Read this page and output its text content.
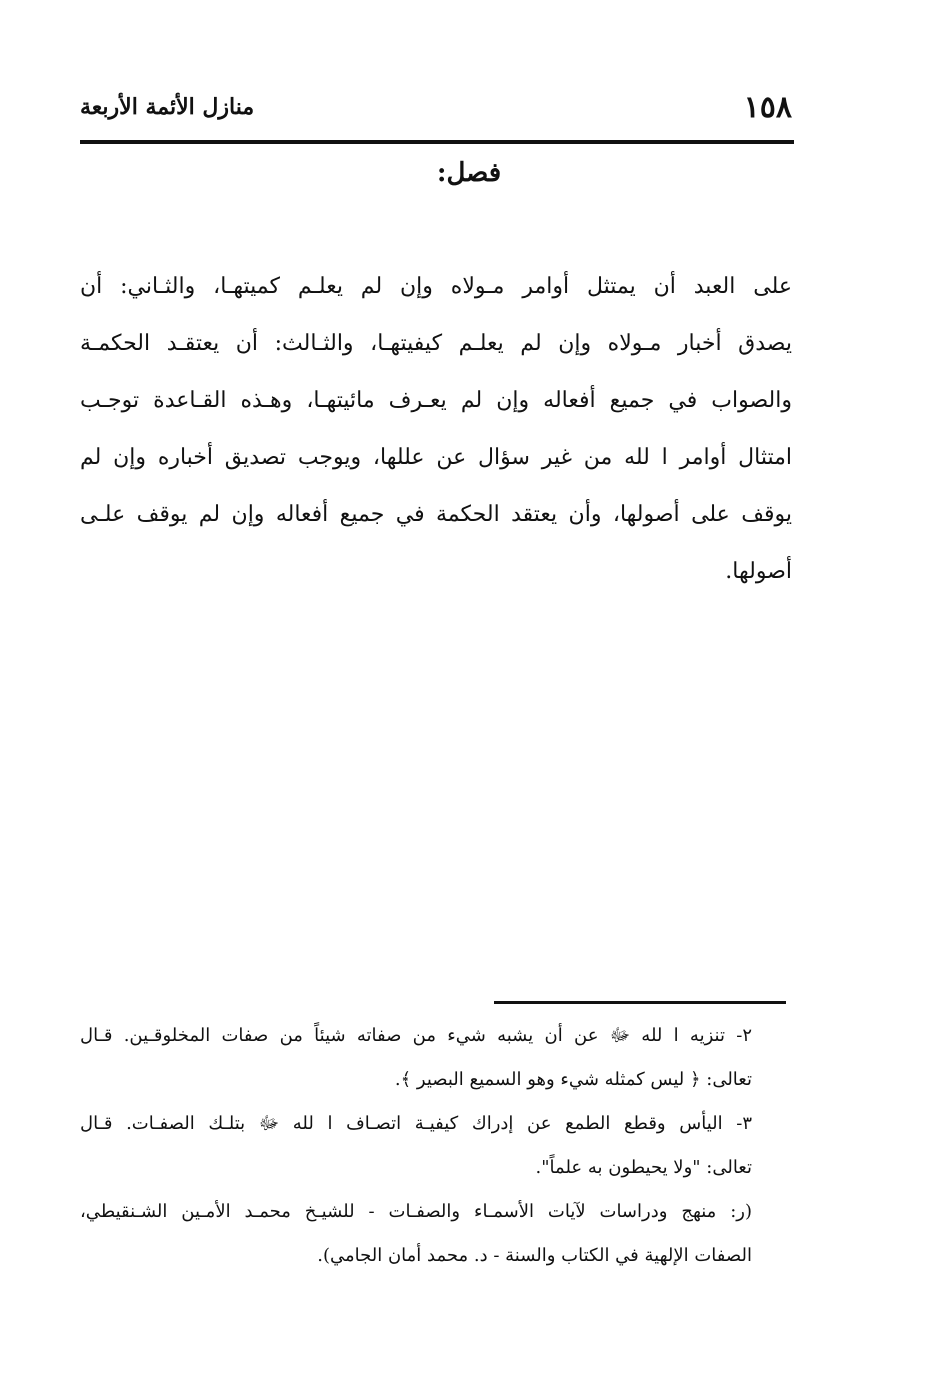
١٥٨
منازل الأئمة الأربعة
فصل:
على العبد أن يمتثل أوامر مـولاه وإن لم يعلـم كميتهـا، والثـاني: أن
يصدق أخبار مـولاه وإن لم يعلـم كيفيتهـا، والثـالث: أن يعتقـد الحكمـة
والصواب في جميع أفعاله وإن لم يعـرف مائيتهـا، وهـذه القـاعدة توجـب
امتثال أوامر ا لله من غير سؤال عن عللها، ويوجب تصديق أخباره وإن لم
يوقف على أصولها، وأن يعتقد الحكمة في جميع أفعاله وإن لم يوقف علـى
أصولها.
٢- تنزيه ا لله ﷻ عن أن يشبه شيء من صفاته شيئاً من صفات المخلوقـين. قـال
تعالى: ﴿ ليس كمثله شيء وهو السميع البصير ﴾.
٣- اليأس وقطع الطمع عن إدراك كيفيـة اتصـاف ا لله ﷻ بتلـك الصفـات. قـال
تعالى: "ولا يحيطون به علماً".
(ر: منهج ودراسات لآيات الأسمـاء والصفـات - للشيـخ محمـد الأمـين الشـنقيطي،
الصفات الإلهية في الكتاب والسنة - د. محمد أمان الجامي).
